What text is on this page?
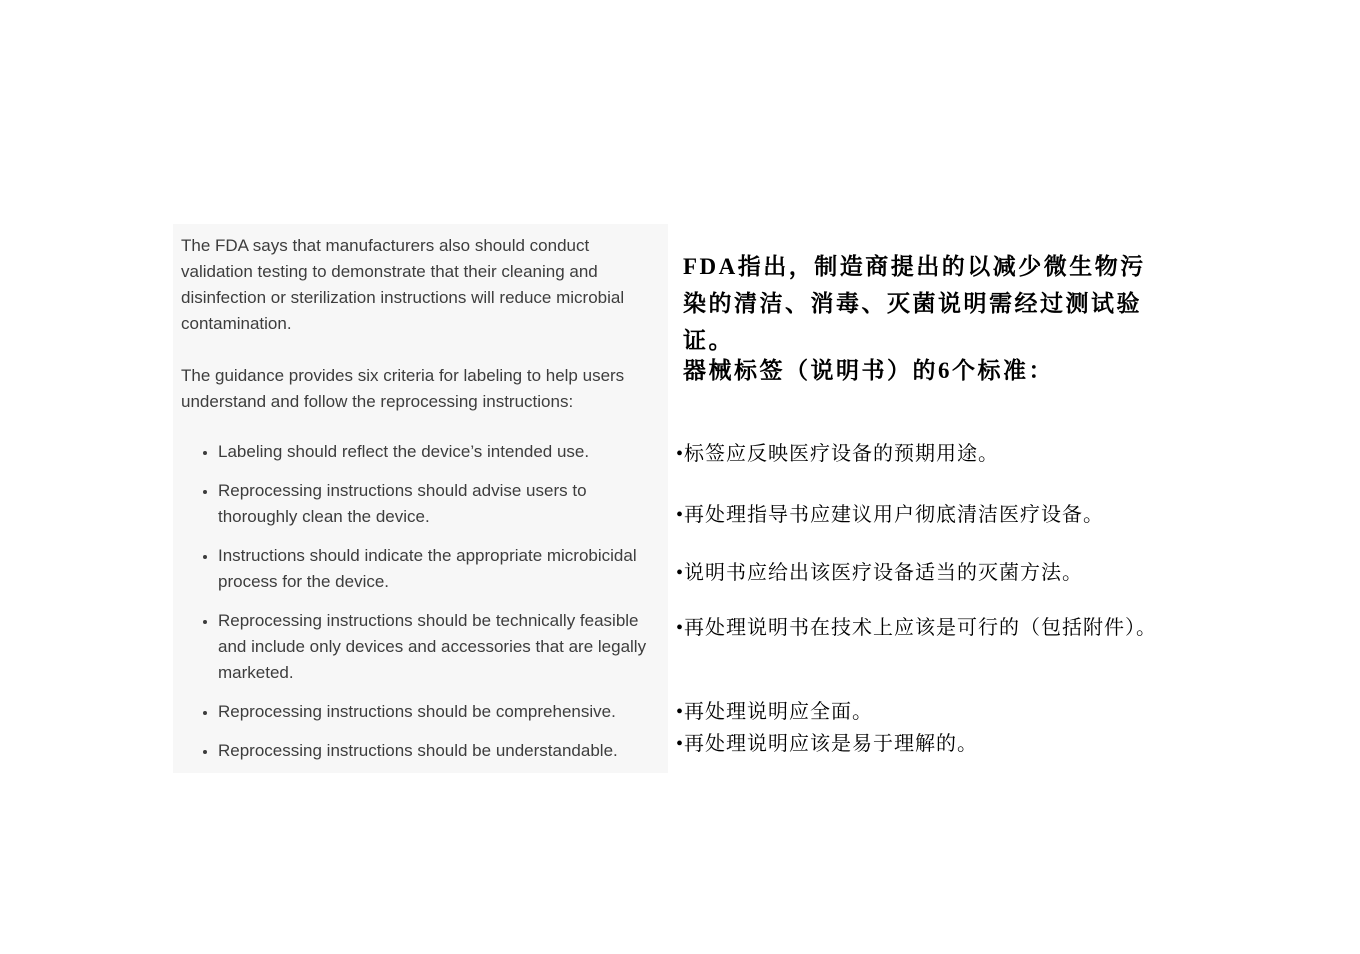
The FDA says that manufacturers also should conduct validation testing to demonstrate that their cleaning and disinfection or sterilization instructions will reduce microbial contamination.

The guidance provides six criteria for labeling to help users understand and follow the reprocessing instructions:

• Labeling should reflect the device’s intended use.
• Reprocessing instructions should advise users to thoroughly clean the device.
• Instructions should indicate the appropriate microbicidal process for the device.
• Reprocessing instructions should be technically feasible and include only devices and accessories that are legally marketed.
• Reprocessing instructions should be comprehensive.
• Reprocessing instructions should be understandable.

FDA指出，制造商提出的以减少微生物污染的清洁、消毒、灭菌说明需经过测试验证。

器械标签（说明书）的6个标准：

•标签应反映医疗设备的预期用途。

•再处理指导书应建议用户彻底清洁医疗设备。

•说明书应给出该医疗设备适当的灭菌方法。

•再处理说明书在技术上应该是可行的（包括附件）。

•再处理说明应全面。

•再处理说明应该是易于理解的。
